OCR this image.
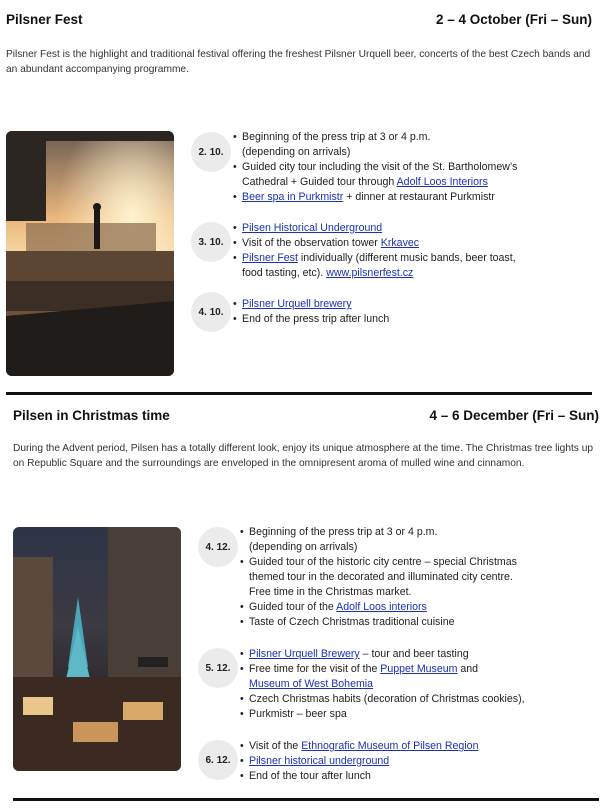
Pilsner Fest	2 – 4 October (Fri – Sun)
Pilsner Fest is the highlight and traditional festival offering the freshest Pilsner Urquell beer, concerts of the best Czech bands and an abundant accompanying programme.
2. 10.
• Beginning of the press trip at 3 or 4 p.m.
(depending on arrivals)
• Guided city tour including the visit of the St. Bartholomew’s
Cathedral + Guided tour through Adolf Loos Interiors
• Beer spa in Purkmistr + dinner at restaurant Purkmistr
3. 10.
• Pilsen Historical Underground
• Visit of the observation tower Krkavec
• Pilsner Fest individually (different music bands, beer toast,
food tasting, etc). www.pilsnerfest.cz
4. 10.
• Pilsner Urquell brewery
• End of the press trip after lunch
Pilsen in Christmas time	4 – 6 December (Fri – Sun)
During the Advent period, Pilsen has a totally different look, enjoy its unique atmosphere at the time. The Christmas tree lights up on Republic Square and the surroundings are enveloped in the omnipresent aroma of mulled wine and cinnamon.
4. 12.
• Beginning of the press trip at 3 or 4 p.m.
(depending on arrivals)
• Guided tour of the historic city centre – special Christmas
themed tour in the decorated and illuminated city centre.
Free time in the Christmas market.
• Guided tour of the Adolf Loos interiors
• Taste of Czech Christmas traditional cuisine
5. 12.
• Pilsner Urquell Brewery – tour and beer tasting
• Free time for the visit of the Puppet Museum and
Museum of West Bohemia
• Czech Christmas habits (decoration of Christmas cookies),
• Purkmistr – beer spa
6. 12.
• Visit of the Ethnografic Museum of Pilsen Region
• Pilsner historical underground
• End of the tour after lunch
